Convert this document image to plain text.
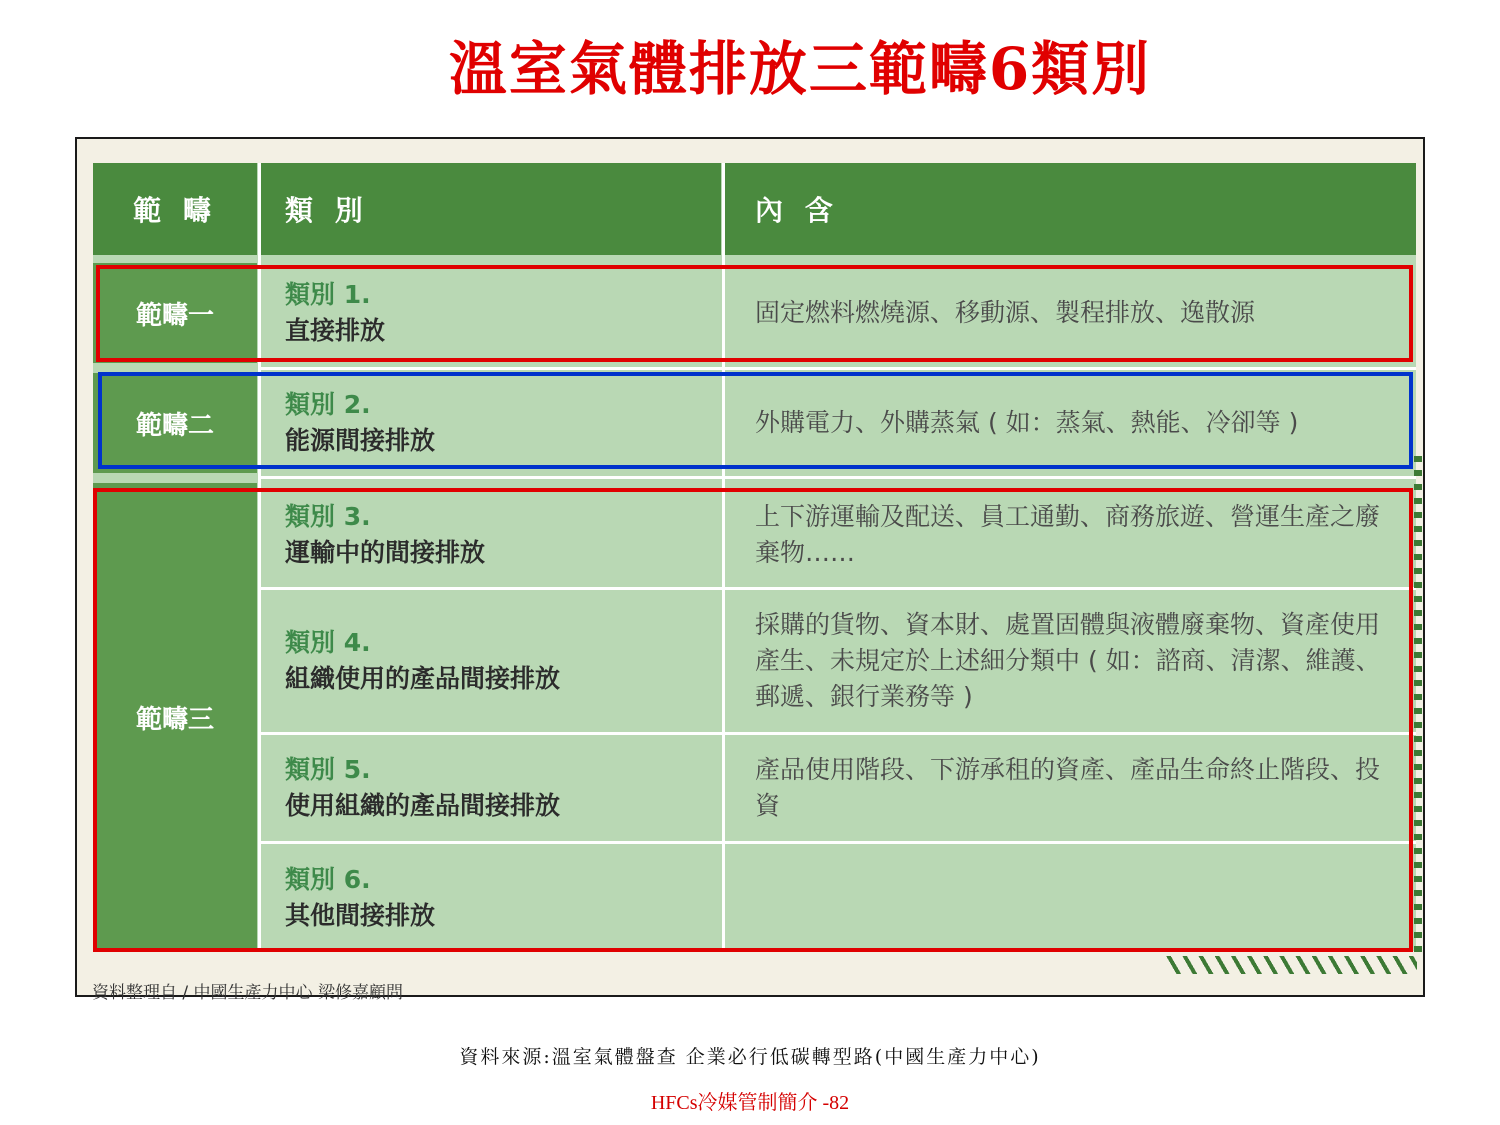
溫室氣體排放三範疇6類別
範 疇	類 別	內 含
範疇一
範疇二
範疇三
類別 1.
直接排放
固定燃料燃燒源、移動源、製程排放、逸散源
類別 2.
能源間接排放
外購電力、外購蒸氣 ( 如：蒸氣、熱能、冷卻等 )
類別 3.
運輸中的間接排放
上下游運輸及配送、員工通勤、商務旅遊、營運生產之廢棄物……
類別 4.
組織使用的產品間接排放
採購的貨物、資本財、處置固體與液體廢棄物、資產使用產生、未規定於上述細分類中 ( 如：諮商、清潔、維護、郵遞、銀行業務等 )
類別 5.
使用組織的產品間接排放
產品使用階段、下游承租的資產、產品生命終止階段、投資
類別 6.
其他間接排放
資料整理自 / 中國生產力中心 梁修嘉顧問
資料來源:溫室氣體盤查 企業必行低碳轉型路(中國生產力中心)
HFCs冷媒管制簡介 -82
